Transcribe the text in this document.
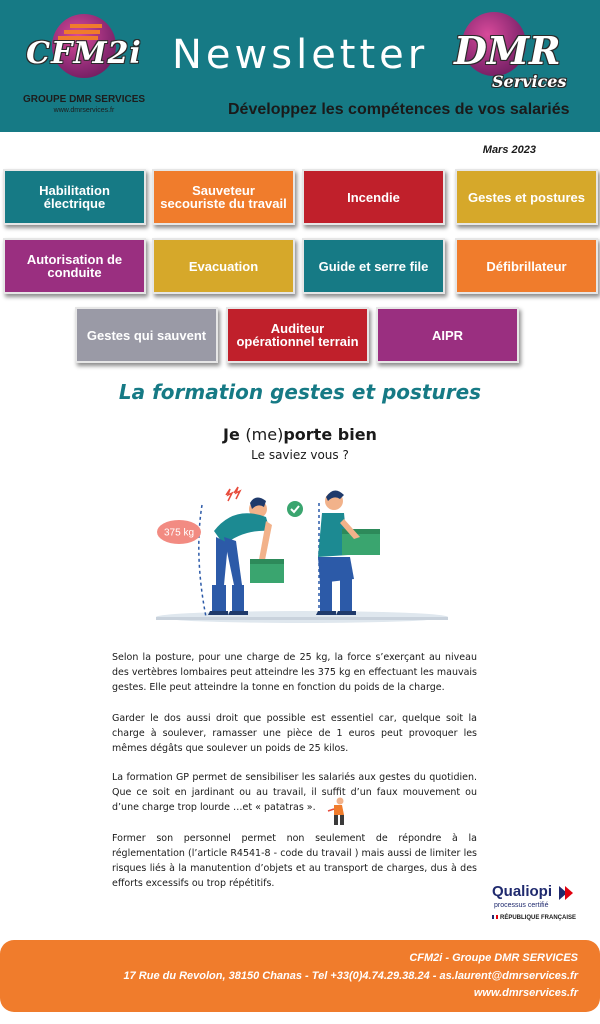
CFM2i
GROUPE DMR SERVICES
www.dmrservices.fr
Newsletter DMR
Services
Développez les compétences de vos salariés
Mars 2023
Habilitation électrique
Sauveteur secouriste du travail	Incendie	Gestes et postures
Autorisation de conduite	Evacuation	Guide et serre file	Défibrillateur
Gestes qui sauvent	Auditeur opérationnel terrain	AIPR
La formation gestes et postures
Je (me)porte bien
Le saviez vous ?
375 kg
Selon la posture, pour une charge de 25 kg, la force s’exerçant au niveau des vertèbres lombaires peut atteindre les 375 kg en effectuant les mauvais gestes. Elle peut atteindre la tonne en fonction du poids de la charge.
Garder le dos aussi droit que possible est essentiel car, quelque soit la charge à soulever, ramasser une pièce de 1 euros peut provoquer les mêmes dégâts que soulever un poids de 25 kilos.
La formation GP permet de sensibiliser les salariés aux gestes du quotidien. Que ce soit en jardinant ou au travail, il suffit d’un faux mouvement ou d’une charge trop lourde …et « patatras ».
Former son personnel permet non seulement de répondre à la réglementation (l’article R4541-8 - code du travail ) mais aussi de limiter les risques liés à la manutention d’objets et au transport de charges, dus à des efforts excessifs ou trop répétitifs.	Qualiopi
processus certifié
RÉPUBLIQUE FRANÇAISE
CFM2i - Groupe DMR SERVICES
17 Rue du Revolon, 38150 Chanas - Tel +33(0)4.74.29.38.24 - as.laurent@dmrservices.fr
www.dmrservices.fr
